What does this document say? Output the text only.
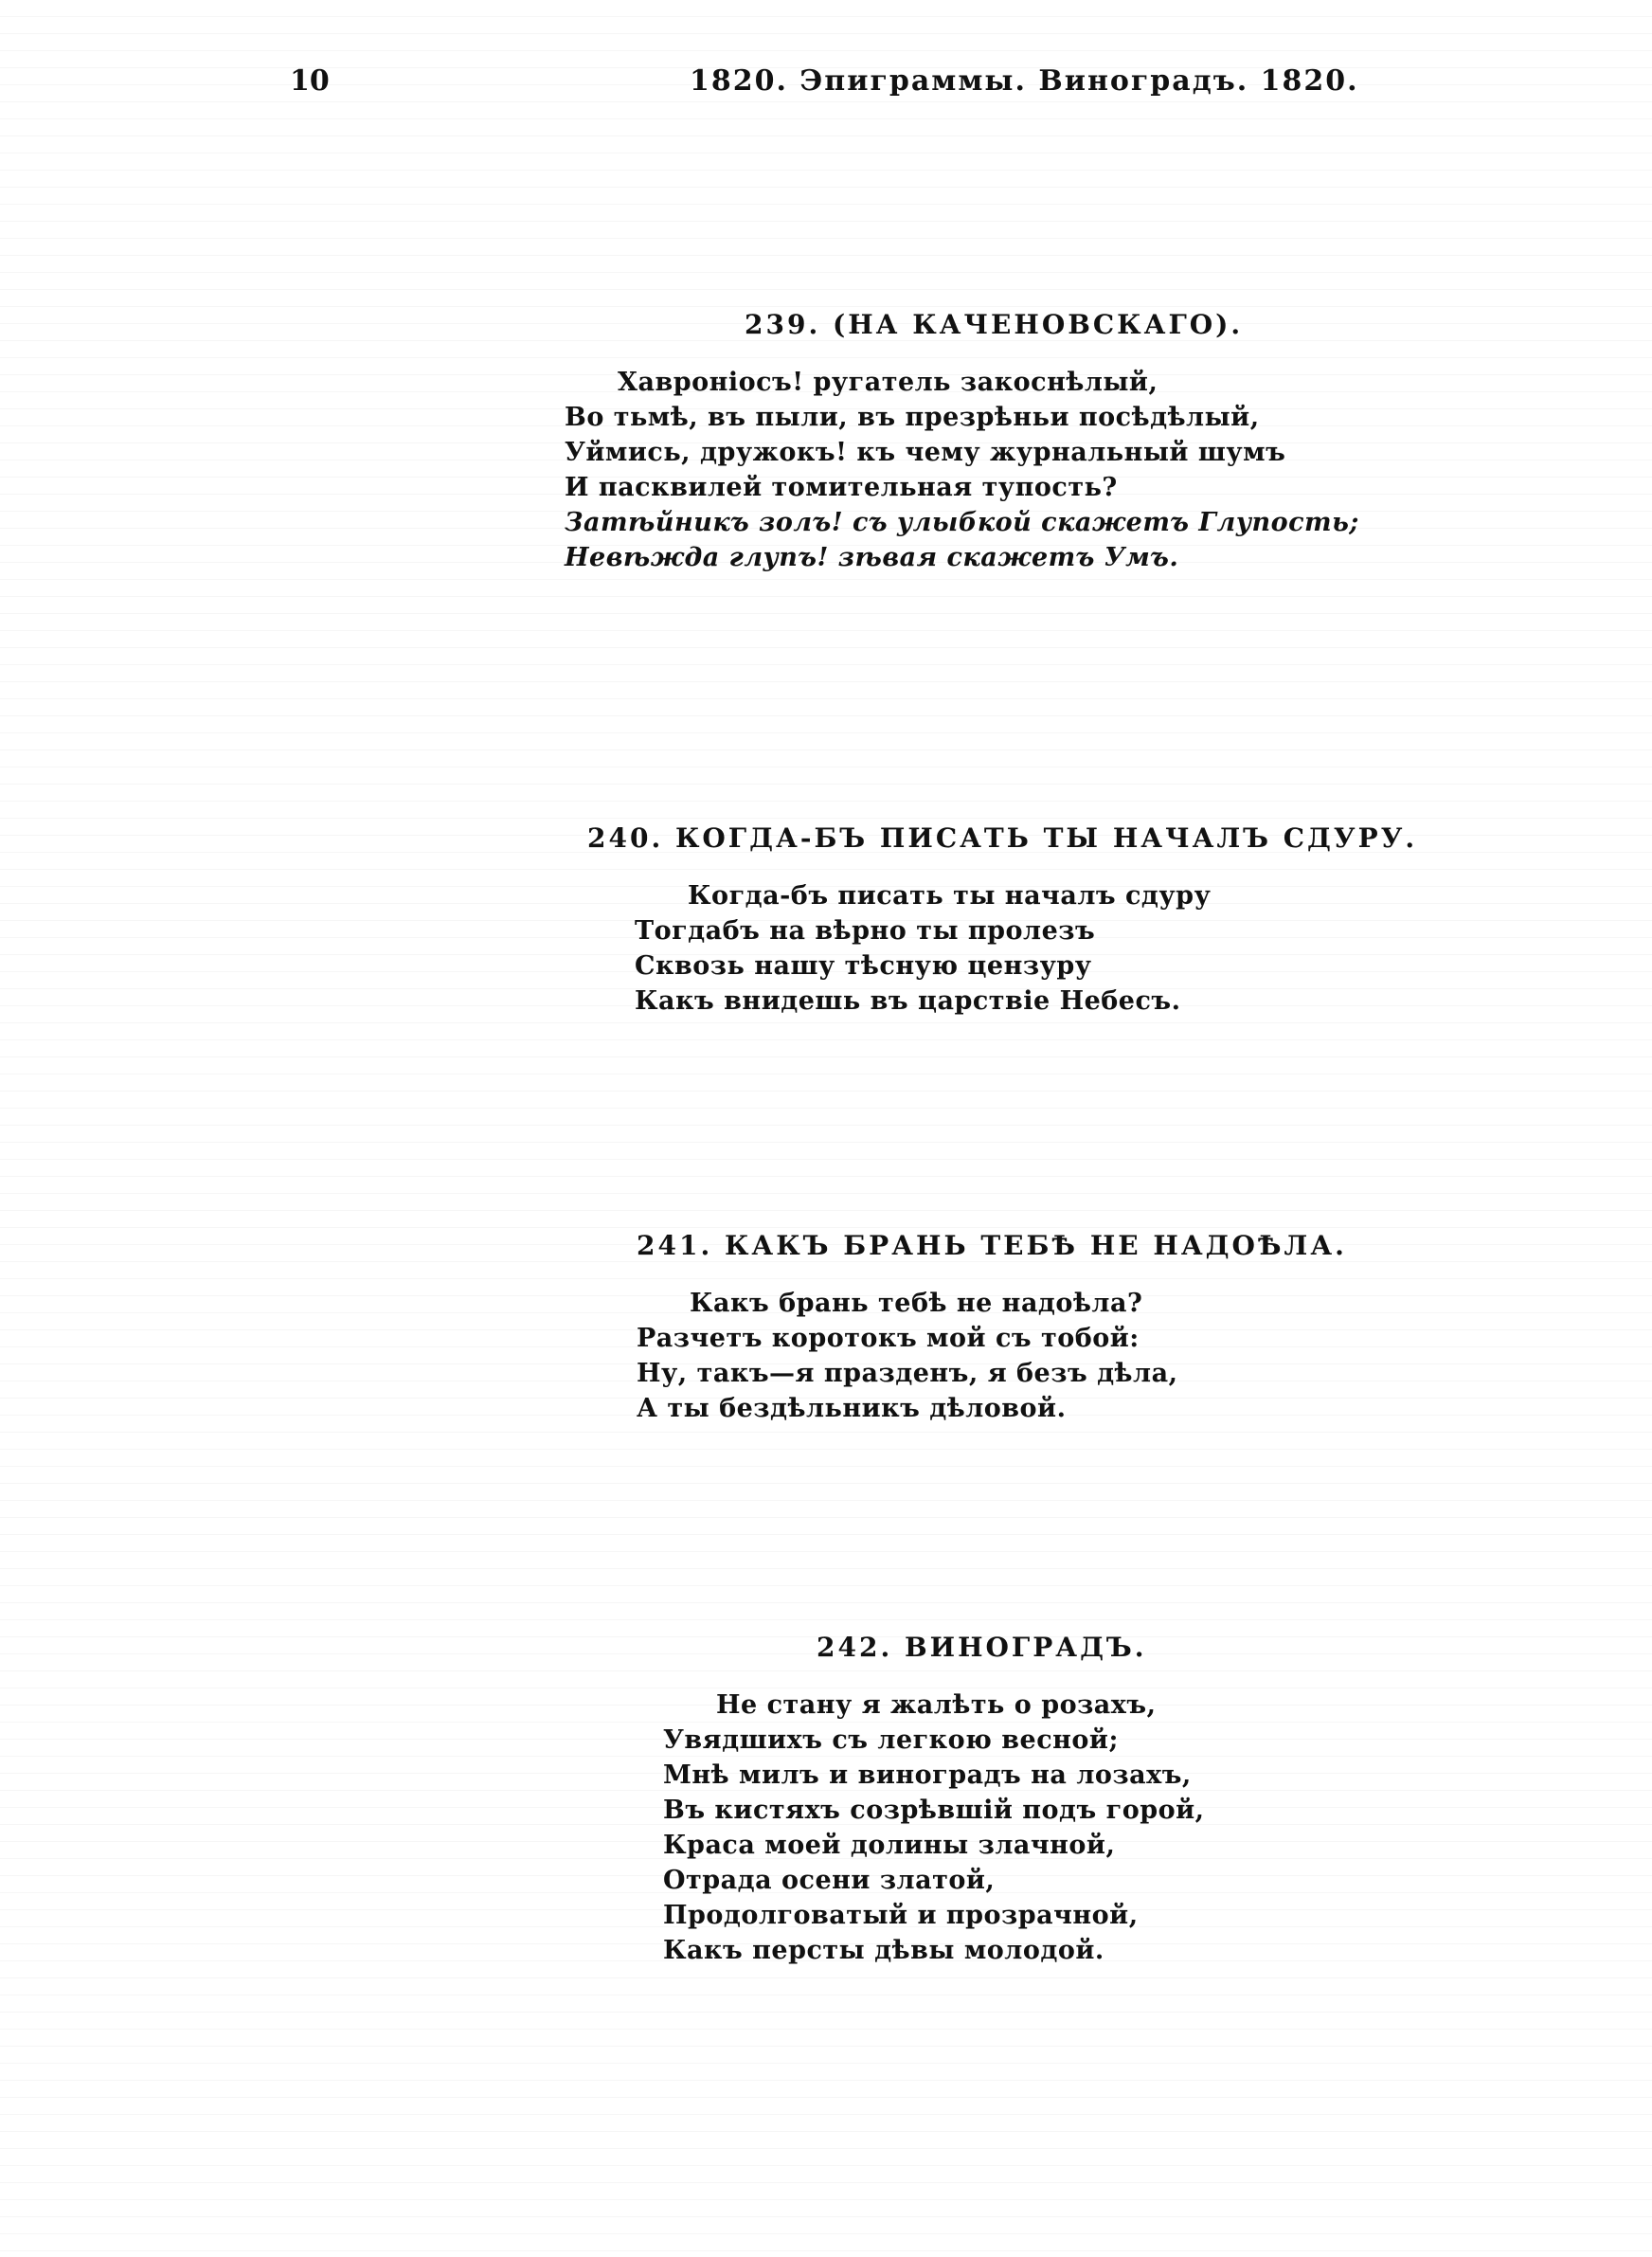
10	1820. Эпиграммы. Виноградъ. 1820.
239. (НА КАЧЕНОВСКАГО).
Хавроніосъ! ругатель закоснѣлый,
Во тьмѣ, въ пыли, въ презрѣньи посѣдѣлый,
Уймись, дружокъ! къ чему журнальный шумъ
И пасквилей томительная тупость?
Затѣйникъ золъ! съ улыбкой скажетъ Глупость;
Невѣжда глупъ! зѣвая скажетъ Умъ.
240. КОГДА-БЪ ПИСАТЬ ТЫ НАЧАЛЪ СДУРУ.
Когда-бъ писать ты началъ сдуру
Тогдабъ на вѣрно ты пролезъ
Сквозь нашу тѣсную цензуру
Какъ внидешь въ царствіе Небесъ.
241. КАКЪ БРАНЬ ТЕБѢ НЕ НАДОѢЛА.
Какъ брань тебѣ не надоѣла?
Разчетъ коротокъ мой съ тобой:
Ну, такъ—я празденъ, я безъ дѣла,
А ты бездѣльникъ дѣловой.
242. ВИНОГРАДЪ.
Не стану я жалѣть о розахъ,
Увядшихъ съ легкою весной;
Мнѣ милъ и виноградъ на лозахъ,
Въ кистяхъ созрѣвшій подъ горой,
Краса моей долины злачной,
Отрада осени златой,
Продолговатый и прозрачной,
Какъ персты дѣвы молодой.
